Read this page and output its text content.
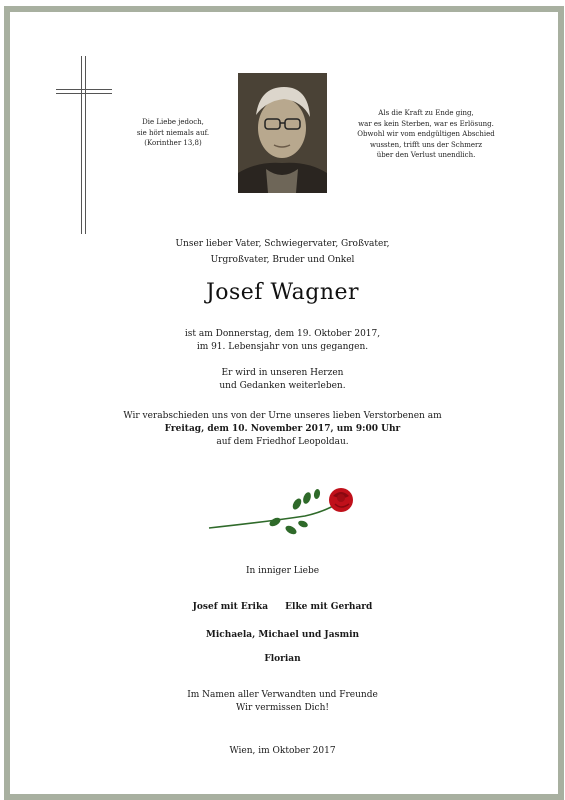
Die Liebe jedoch,
sie hört niemals auf.
(Korinther 13,8)
Als die Kraft zu Ende ging,
war es kein Sterben, war es Erlösung.
Obwohl wir vom endgültigen Abschied
wussten, trifft uns der Schmerz
über den Verlust unendlich.
Unser lieber Vater, Schwiegervater, Großvater,
Urgroßvater, Bruder und Onkel
Josef Wagner
ist am Donnerstag, dem 19. Oktober 2017,
im 91. Lebensjahr von uns gegangen.
Er wird in unseren Herzen
und Gedanken weiterleben.
Wir verabschieden uns von der Urne unseres lieben Verstorbenen am
Freitag, dem 10. November 2017, um 9:00 Uhr
auf dem Friedhof Leopoldau.
In inniger Liebe
Josef mit Erika Elke mit Gerhard
Michaela, Michael und Jasmin
Florian
Im Namen aller Verwandten und Freunde
Wir vermissen Dich!
Wien, im Oktober 2017
